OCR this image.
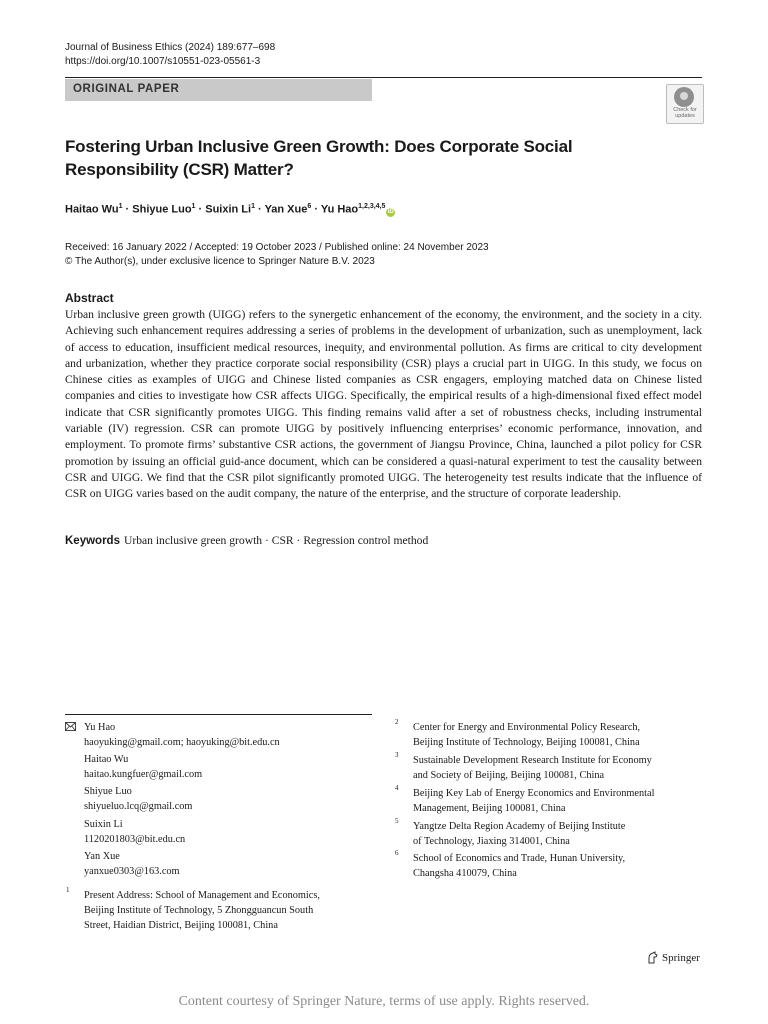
Journal of Business Ethics (2024) 189:677–698
https://doi.org/10.1007/s10551-023-05561-3
ORIGINAL PAPER
Check for
updates
Fostering Urban Inclusive Green Growth: Does Corporate Social Responsibility (CSR) Matter?
Haitao $Wu^1$ · Shiyue Luo$^1$ · Suixin $Li^1$ · Yan Xue$^6$ · Yu Hao$^{1,2,3,4,5}$iD
Received: 16 January 2022 / Accepted: 19 October 2023 / Published online: 24 November 2023
© The Author(s), under exclusive licence to Springer Nature B.V. 2023
Abstract
Urban inclusive green growth (UIGG) refers to the synergetic enhancement of the economy, the environment, and the society in a city. Achieving such enhancement requires addressing a series of problems in the development of urbanization, such as unemployment, lack of access to education, insufficient medical resources, inequity, and environmental pollution. As firms are critical to city development and urbanization, whether they practice corporate social responsibility (CSR) plays a crucial part in UIGG. In this study, we focus on Chinese cities as examples of UIGG and Chinese listed companies as CSR engagers, employing matched data on Chinese listed companies and cities to investigate how CSR affects UIGG. Specifically, the empirical results of a high-dimensional fixed effect model indicate that CSR significantly promotes UIGG. This finding remains valid after a set of robustness checks, including instrumental variable (IV) regression. CSR can promote UIGG by positively influencing enterprises’ economic performance, innovation, and employment. To promote firms’ substantive CSR actions, the government of Jiangsu Province, China, launched a pilot policy for CSR promotion by issuing an official guid-ance document, which can be considered a quasi-natural experiment to test the causality between CSR and UIGG. We find that the CSR pilot significantly promoted UIGG. The heterogeneity test results indicate that the influence of CSR on UIGG varies based on the audit company, the nature of the enterprise, and the structure of corporate leadership.
Keywords Urban inclusive green growth · CSR · Regression control method
Yu Hao
haoyuking@gmail.com; haoyuking@bit.edu.cn
Haitao Wu
haitao.kungfuer@gmail.com
Shiyue Luo
shiyueluo.lcq@gmail.com
Suixin Li
1120201803@bit.edu.cn
Yan Xue
yanxue0303@163.com
1 Present Address: School of Management and Economics,
Beijing Institute of Technology, 5 Zhongguancun South
Street, Haidian District, Beijing 100081, China
2 Center for Energy and Environmental Policy Research,
Beijing Institute of Technology, Beijing 100081, China
3 Sustainable Development Research Institute for Economy
and Society of Beijing, Beijing 100081, China
4 Beijing Key Lab of Energy Economics and Environmental
Management, Beijing 100081, China
5 Yangtze Delta Region Academy of Beijing Institute
of Technology, Jiaxing 314001, China
6 School of Economics and Trade, Hunan University,
Changsha 410079, China
Springer
Content courtesy of Springer Nature, terms of use apply. Rights reserved.
